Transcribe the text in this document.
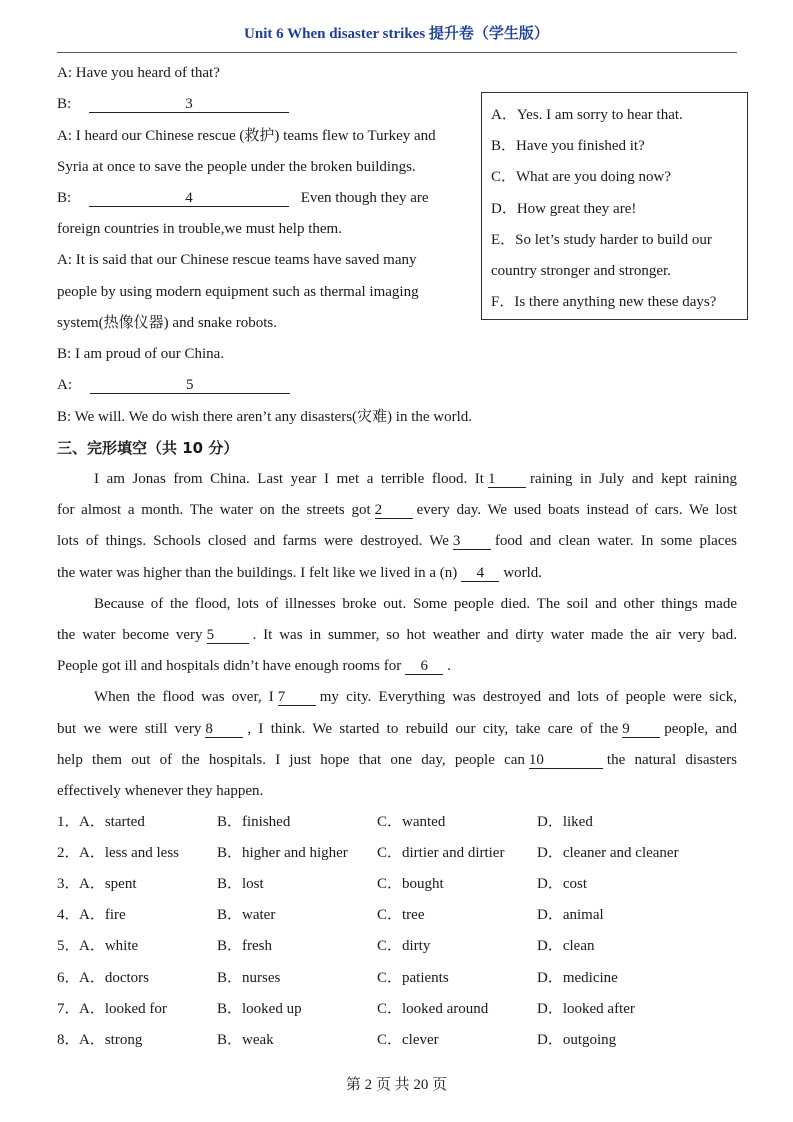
Unit 6 When disaster strikes 提升卷（学生版）
A: Have you heard of that?
B:	3
A: I heard our Chinese rescue (救护) teams flew to Turkey and
Syria at once to save the people under the broken buildings.
B:	4	Even though they are
foreign countries in trouble,we must help them.
A: It is said that our Chinese rescue teams have saved many
people by using modern equipment such as thermal imaging
system(热像仪器) and snake robots.
B: I am proud of our China.
A:	5
B: We will. We do wish there aren’t any disasters(灾难) in the world.
A．Yes. I am sorry to hear that.
B．Have you finished it?
C．What are you doing now?
D．How great they are!
E．So let’s study harder to build our
country stronger and stronger.
F．Is there anything new these days?
三、完形填空（共 10 分）
I am Jonas from China. Last year I met a terrible flood. It 1 raining in July and kept raining
for almost a month. The water on the streets got 2 every day. We used boats instead of cars. We lost
lots of things. Schools closed and farms were destroyed. We 3 food and clean water. In some places
the water was higher than the buildings. I felt like we lived in a (n) 4 world.
Because of the flood, lots of illnesses broke out. Some people died. The soil and other things made
the water become very 5	. It was in summer, so hot weather and dirty water made the air very bad.
People got ill and hospitals didn’t have enough rooms for 6 .
When the flood was over, I 7 my city. Everything was destroyed and lots of people were sick,
but we were still very 8 , I think. We started to rebuild our city, take care of the 9 people, and
help them out of the hospitals. I just hope that one day, people can 10	the natural disasters
effectively whenever they happen.
1． A．started	B．finished	C．wanted	D．liked
2． A．less and less	B．higher and higher C．dirtier and dirtier D．cleaner and cleaner
3． A．spent	B．lost	C．bought	D．cost
4． A．fire	B．water	C．tree	D．animal
5． A．white	B．fresh	C．dirty	D．clean
6． A．doctors	B．nurses	C．patients	D．medicine
7． A．looked for	B．looked up	C．looked around	D．looked after
8． A．strong	B．weak	C．clever	D．outgoing
第 2 页 共 20 页
